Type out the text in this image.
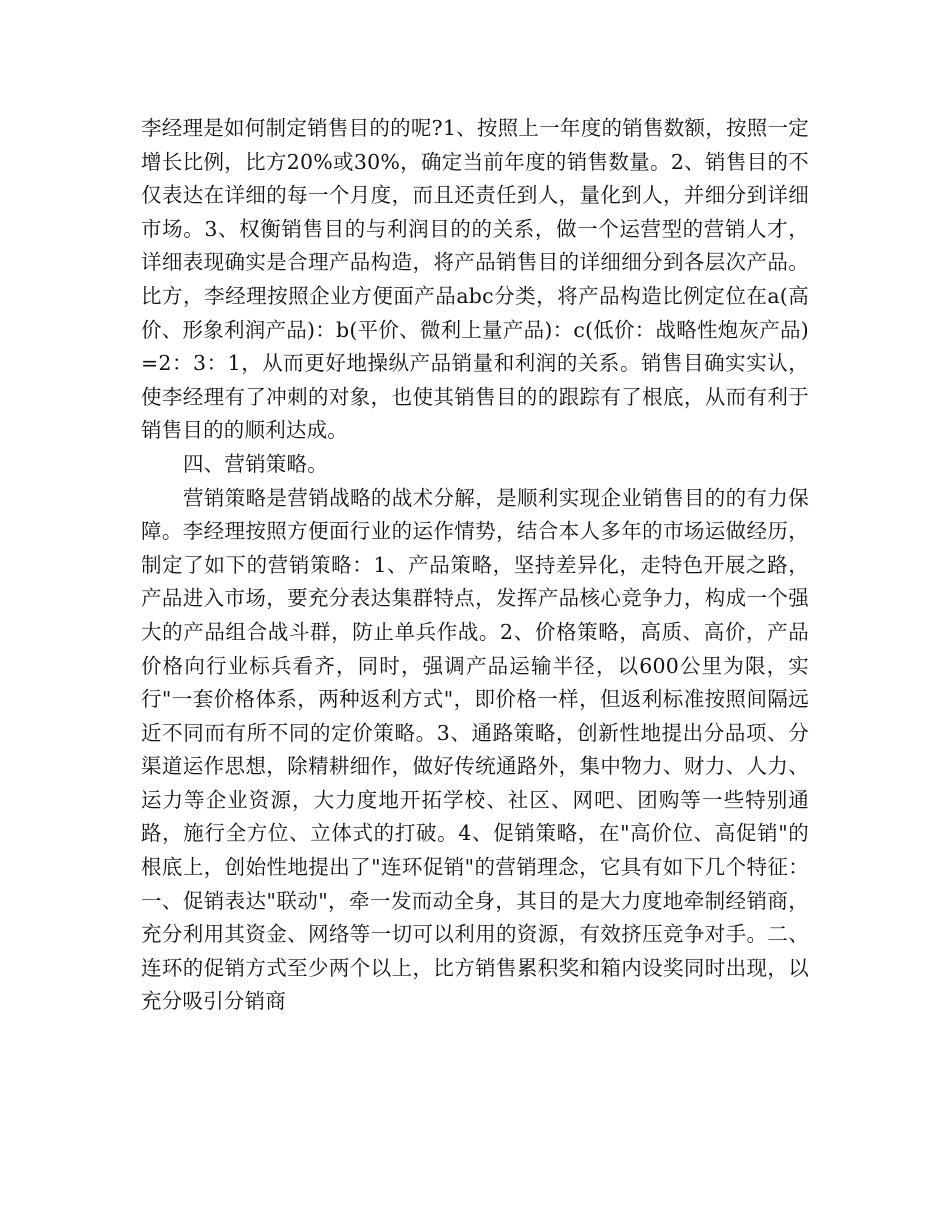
李经理是如何制定销售目的的呢?1、按照上一年度的销售数额，按照一定增长比例，比方20%或30%，确定当前年度的销售数量。2、销售目的不仅表达在详细的每一个月度，而且还责任到人，量化到人，并细分到详细市场。3、权衡销售目的与利润目的的关系，做一个运营型的营销人才，详细表现确实是合理产品构造，将产品销售目的详细细分到各层次产品。比方，李经理按照企业方便面产品abc分类，将产品构造比例定位在a(高价、形象利润产品)：b(平价、微利上量产品)：c(低价：战略性炮灰产品)=2：3：1，从而更好地操纵产品销量和利润的关系。销售目确实实认，使李经理有了冲刺的对象，也使其销售目的的跟踪有了根底，从而有利于销售目的的顺利达成。

四、营销策略。

营销策略是营销战略的战术分解，是顺利实现企业销售目的的有力保障。李经理按照方便面行业的运作情势，结合本人多年的市场运做经历，制定了如下的营销策略：1、产品策略，坚持差异化，走特色开展之路，产品进入市场，要充分表达集群特点，发挥产品核心竞争力，构成一个强大的产品组合战斗群，防止单兵作战。2、价格策略，高质、高价，产品价格向行业标兵看齐，同时，强调产品运输半径，以600公里为限，实行"一套价格体系，两种返利方式"，即价格一样，但返利标准按照间隔远近不同而有所不同的定价策略。3、通路策略，创新性地提出分品项、分渠道运作思想，除精耕细作，做好传统通路外，集中物力、财力、人力、运力等企业资源，大力度地开拓学校、社区、网吧、团购等一些特别通路，施行全方位、立体式的打破。4、促销策略，在"高价位、高促销"的根底上，创始性地提出了"连环促销"的营销理念，它具有如下几个特征：一、促销表达"联动"，牵一发而动全身，其目的是大力度地牵制经销商，充分利用其资金、网络等一切可以利用的资源，有效挤压竞争对手。二、连环的促销方式至少两个以上，比方销售累积奖和箱内设奖同时出现，以充分吸引分销商
